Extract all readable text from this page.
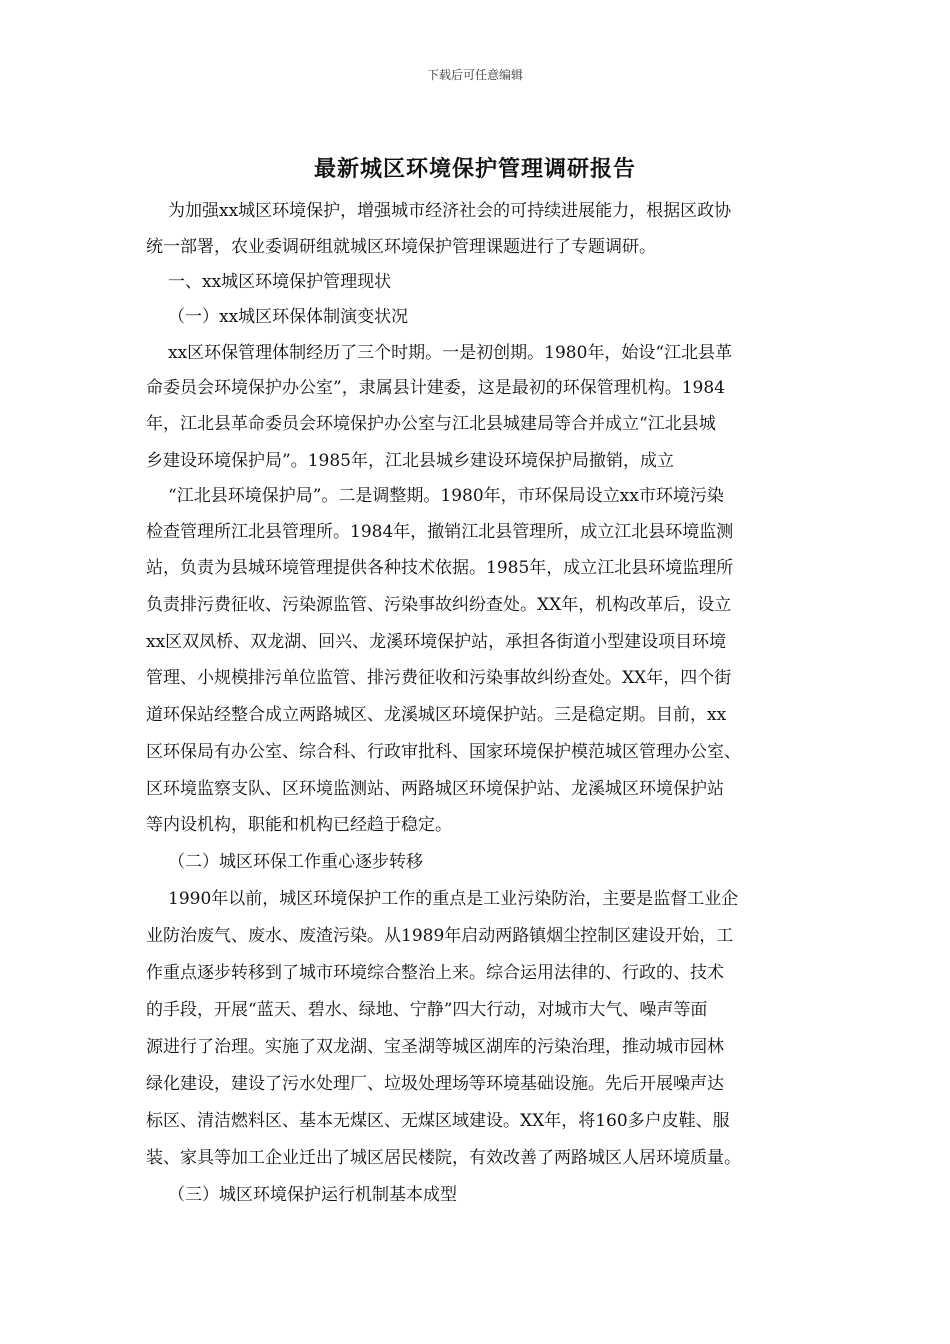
下载后可任意编辑
最新城区环境保护管理调研报告
为加强xx城区环境保护，增强城市经济社会的可持续进展能力，根据区政协
统一部署，农业委调研组就城区环境保护管理课题进行了专题调研。
一、xx城区环境保护管理现状
（一）xx城区环保体制演变状况
xx区环保管理体制经历了三个时期。一是初创期。1980年，始设“江北县革
命委员会环境保护办公室”，隶属县计建委，这是最初的环保管理机构。1984
年，江北县革命委员会环境保护办公室与江北县城建局等合并成立“江北县城
乡建设环境保护局”。1985年，江北县城乡建设环境保护局撤销，成立
“江北县环境保护局”。二是调整期。1980年，市环保局设立xx市环境污染
检查管理所江北县管理所。1984年，撤销江北县管理所，成立江北县环境监测
站，负责为县城环境管理提供各种技术依据。1985年，成立江北县环境监理所
负责排污费征收、污染源监管、污染事故纠纷查处。XX年，机构改革后，设立
xx区双凤桥、双龙湖、回兴、龙溪环境保护站，承担各街道小型建设项目环境
管理、小规模排污单位监管、排污费征收和污染事故纠纷查处。XX年，四个街
道环保站经整合成立两路城区、龙溪城区环境保护站。三是稳定期。目前，xx
区环保局有办公室、综合科、行政审批科、国家环境保护模范城区管理办公室、
区环境监察支队、区环境监测站、两路城区环境保护站、龙溪城区环境保护站
等内设机构，职能和机构已经趋于稳定。
（二）城区环保工作重心逐步转移
1990年以前，城区环境保护工作的重点是工业污染防治，主要是监督工业企
业防治废气、废水、废渣污染。从1989年启动两路镇烟尘控制区建设开始，工
作重点逐步转移到了城市环境综合整治上来。综合运用法律的、行政的、技术
的手段，开展“蓝天、碧水、绿地、宁静”四大行动，对城市大气、噪声等面
源进行了治理。实施了双龙湖、宝圣湖等城区湖库的污染治理，推动城市园林
绿化建设，建设了污水处理厂、垃圾处理场等环境基础设施。先后开展噪声达
标区、清洁燃料区、基本无煤区、无煤区域建设。XX年，将160多户皮鞋、服
装、家具等加工企业迁出了城区居民楼院，有效改善了两路城区人居环境质量。
（三）城区环境保护运行机制基本成型
